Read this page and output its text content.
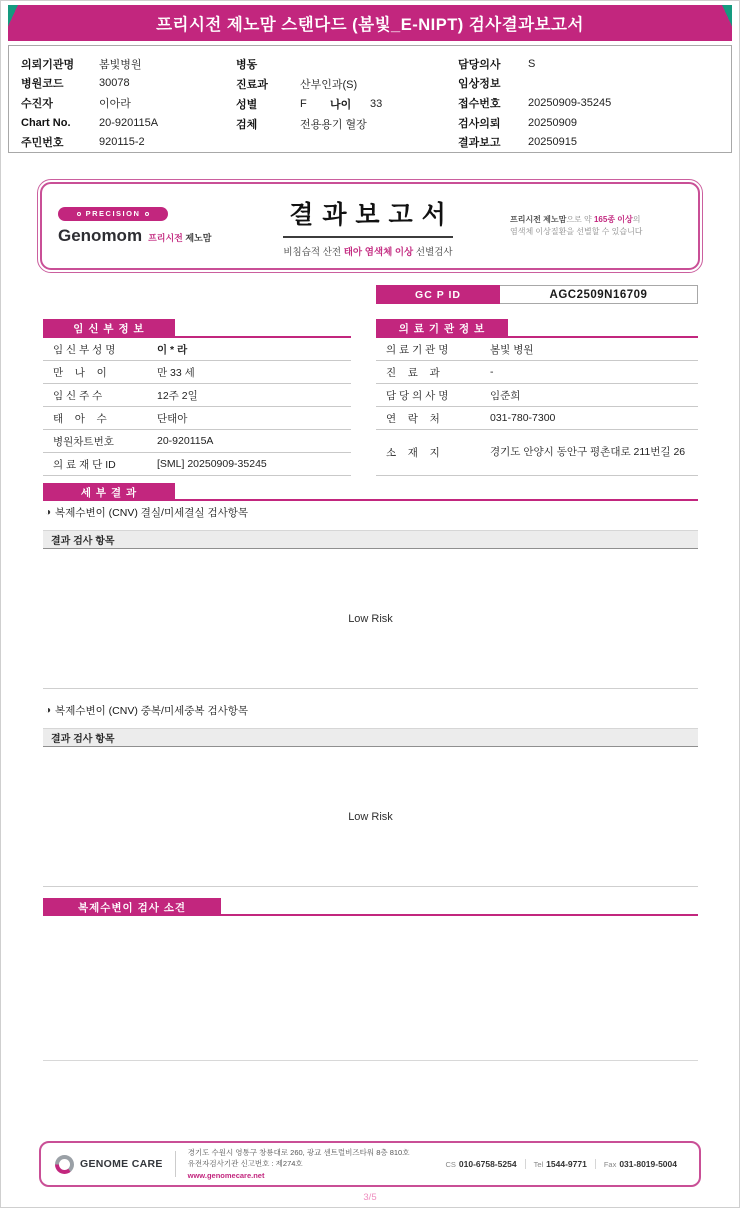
프리시전 제노맘 스탠다드 (봄빛_E-NIPT) 검사결과보고서
의뢰기관명	봄빛병원
병원코드	30078
수진자	이아라
Chart No.	20-920115A
주민번호	920115-2
병동
진료과	산부인과(S)
성별	F	나이	33
검체	전용용기 혈장
담당의사	S
임상정보
접수번호	20250909-35245
검사의뢰	20250909
결과보고	20250915
PRECISION
Genomom 프리시전 제노맘
결 과 보 고 서
비침습적 산전 태아 염색체 이상 선별검사
프리시전 제노맘으로 약 165종 이상의
염색체 이상질환을 선별할 수 있습니다
GC P ID	AGC2509N16709
임 신 부 정 보
임 신 부 성 명	이 * 라
만    나    이	만 33 세
임 신 주 수	12주 2일
태    아    수	단태아
병원차트번호	20-920115A
의 료 재 단 ID	[SML] 20250909-35245
의 료 기 관 정 보
의 료 기 관 명	봄빛 병원
진    료    과	-
담 당 의 사 명	임준희
연    락    처	031-780-7300
소    재    지	경기도 안양시 동안구 평촌대로 211번길 26
세 부 결 과
◑ 복제수변이 (CNV) 결실/미세결실 검사항목
결과 검사 항목
Low Risk
◑ 복제수변이 (CNV) 중복/미세중복 검사항목
결과 검사 항목
Low Risk
복제수변이 검사 소견
GENOME CARE
경기도 수원시 영통구 창룡대로 260, 광교 센트럴비즈타워 8층 810호
유전자검사기관 신고번호 : 제274호
www.genomecare.net
CS 010-6758-5254 Tel 1544-9771 Fax 031-8019-5004
3/5
